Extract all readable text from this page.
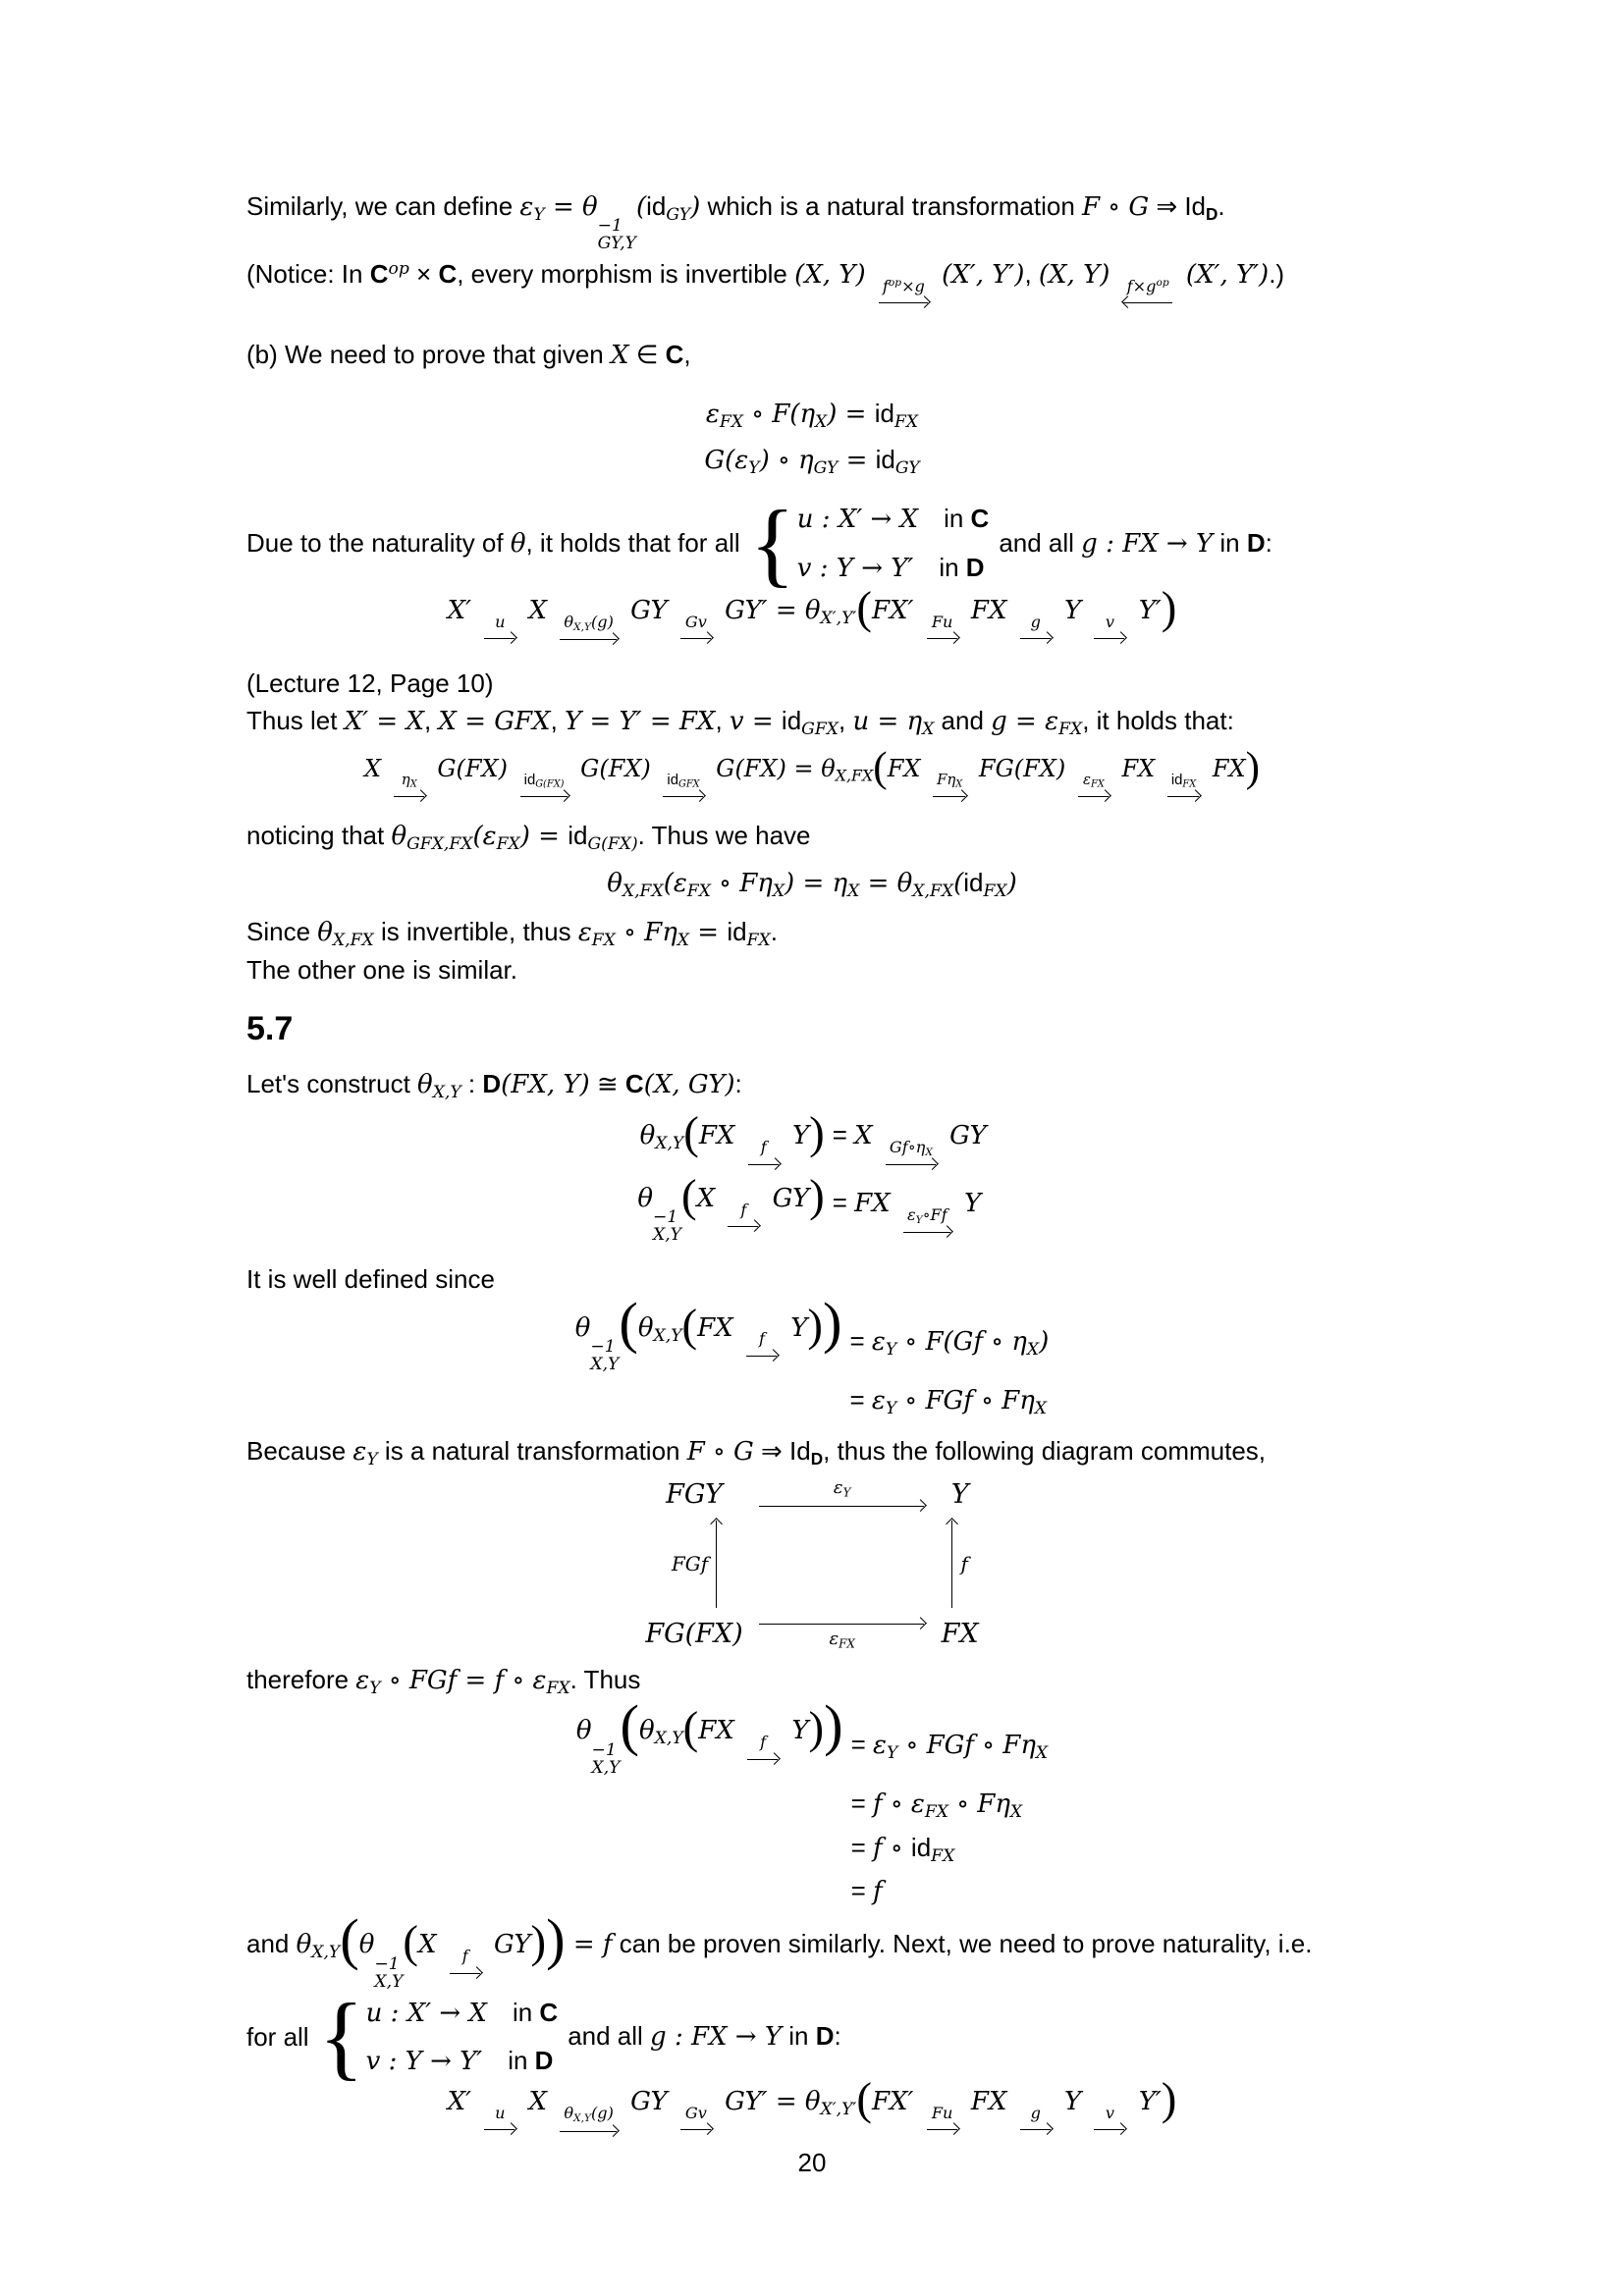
Similarly, we can define εY = θ
−1
GY,Y
(idGY) which is a natural transformation F ∘ G ⇒ IdD.

(Notice: In $C^{op} \times C$, every morphism is invertible (X, Y) $f^{op}\times g$ (X′, Y′), (X, Y) $f\times g^{op}$ (X′, Y′).)

(b) We need to prove that given X ∈ C,

εFX ∘ F(ηX) = idFX
G(εY) ∘ ηGY = idGY
Due to the naturality of θ, it holds that for all { u : X′ → X in C
v : Y → Y′ in D
and all g : FX → Y in D:
X′ u X θX,Y(g) GY Gv GY′ = θX′,Y′(FX′ Fu FX g Y	v Y′)

(Lecture 12, Page 10)

Thus let X′ = X, X = GFX, Y = Y′ = FX, v = idGFX, u = ηX and g = εFX, it holds that:

X ηX
G(FX) idG(FX)
G(FX) idGFX
G(FX) = θX,FX(FX FηX
FG(FX) εFX
FX idFX
FX)

noticing that θGFX,FX(εFX) = idG(FX). Thus we have

θX,FX(εFX ∘ FηX) = ηX = θX,FX(idFX)

Since θX,FX is invertible, thus εFX ∘ FηX = idFX.

The other one is similar.

5.7

Let's construct θX,Y : D(FX, Y) ≅ C(X, GY):

θX,Y(FX	f Y)	= X Gf∘ηX
GY
θ
−1
X,Y
(X	f GY)	= FX εY∘Ff Y

It is well defined since

θ
−1
X,Y
(θX,Y(FX	f Y))	= εY ∘ F(Gf ∘ ηX)
	= εY ∘ FGf ∘ FηX

Because εY is a natural transformation F ∘ G ⇒ IdD, thus the following diagram commutes,

FGY	εY	Y
FGf	f
FG(FX)	εFX	FX

therefore εY ∘ FGf = f ∘ εFX. Thus

θ
−1
X,Y
(θX,Y(FX	f Y))	= εY ∘ FGf ∘ FηX
	= f ∘ εFX ∘ FηX
	= f ∘ idFX
	= f

and θX,Y(θ
−1
X,Y
(X	f GY)) = f can be proven similarly. Next, we need to prove naturality, i.e.

for all { u : X′ → X in C
v : Y → Y′ in D
and all g : FX → Y in D:
X′ u X θX,Y(g) GY Gv GY′ = θX′,Y′(FX′ Fu FX g Y	v Y′)
20
